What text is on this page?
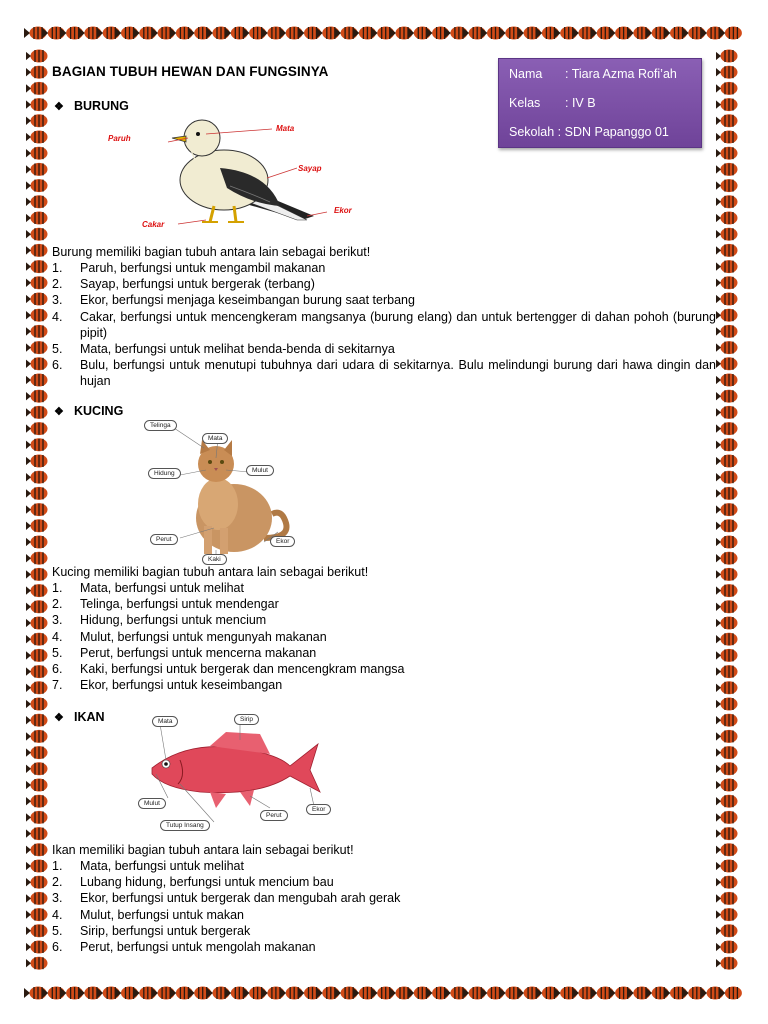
BAGIAN TUBUH HEWAN DAN FUNGSINYA	Nama : Tiara Azma Rofi’ah
Kelas : IV B
Sekolah : SDN Papanggo 01
❖ BURUNG
Paruh
Mata
Sayap
Ekor
Cakar
Burung memiliki bagian tubuh antara lain sebagai berikut!
1. Paruh, berfungsi untuk mengambil makanan
2. Sayap, berfungsi untuk bergerak (terbang)
3. Ekor, berfungsi menjaga keseimbangan burung saat terbang
4. Cakar, berfungsi untuk mencengkeram mangsanya (burung elang) dan untuk bertengger di dahan pohoh (burung pipit)
5. Mata, berfungsi untuk melihat benda-benda di sekitarnya
6. Bulu, berfungsi untuk menutupi tubuhnya dari udara di sekitarnya. Bulu melindungi burung dari hawa dingin dan hujan
❖ KUCING
Telinga
Mata
Hidung	Mulut
Perut	Ekor
Kaki
Kucing memiliki bagian tubuh antara lain sebagai berikut!
1. Mata, berfungsi untuk melihat
2. Telinga, berfungsi untuk mendengar
3. Hidung, berfungsi untuk mencium
4. Mulut, berfungsi untuk mengunyah makanan
5. Perut, berfungsi untuk mencerna makanan
6. Kaki, berfungsi untuk bergerak dan mencengkram mangsa
7. Ekor, berfungsi untuk keseimbangan
❖ IKAN	Mata	Sirip
Mulut
Perut
Ekor
Tutup Insang
Ikan memiliki bagian tubuh antara lain sebagai berikut!
1. Mata, berfungsi untuk melihat
2. Lubang hidung, berfungsi untuk mencium bau
3. Ekor, berfungsi untuk bergerak dan mengubah arah gerak
4. Mulut, berfungsi untuk makan
5. Sirip, berfungsi untuk bergerak
6. Perut, berfungsi untuk mengolah makanan
